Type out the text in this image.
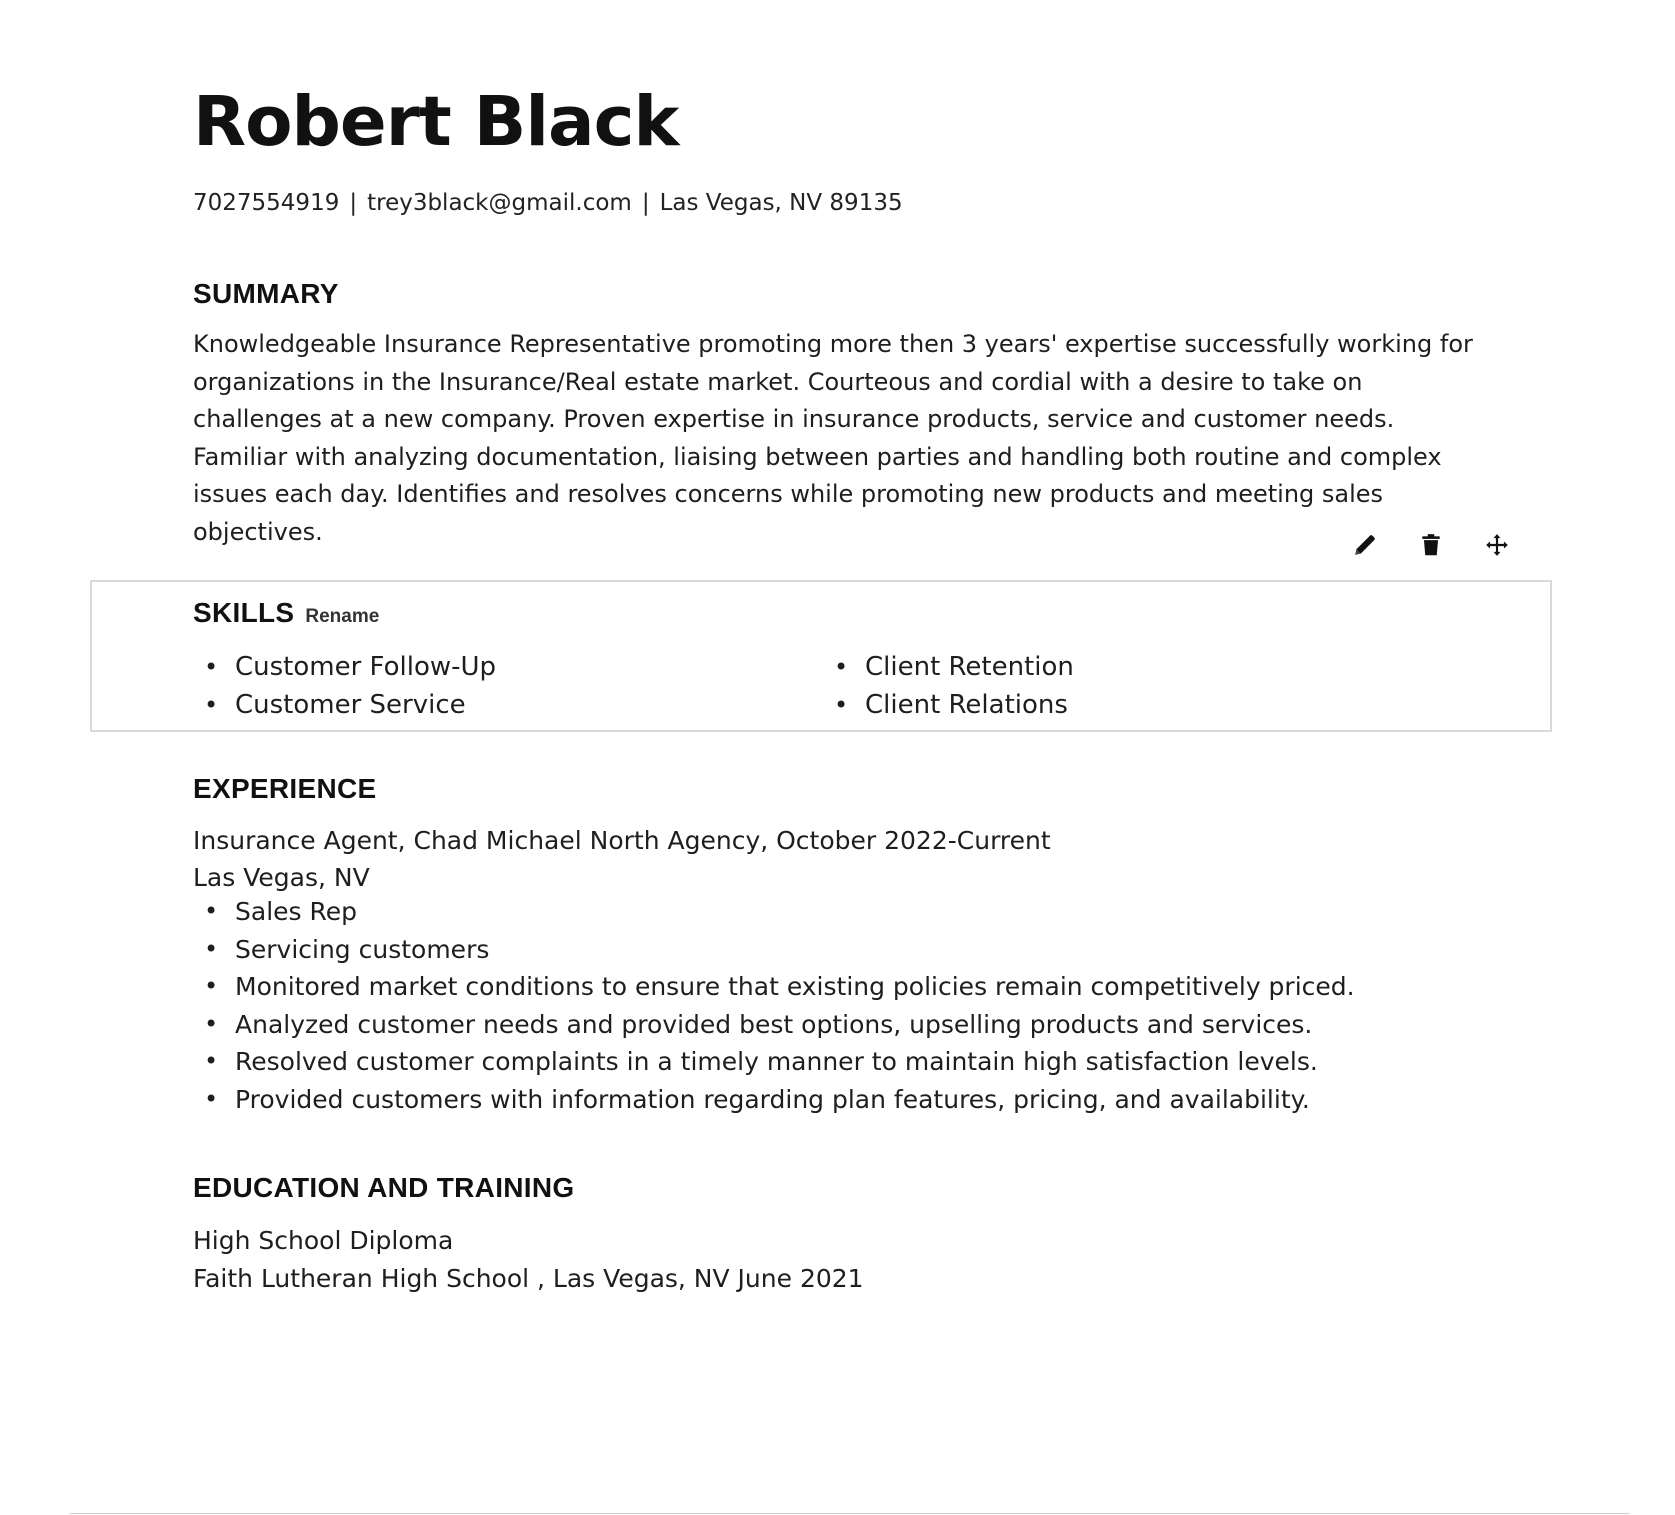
Robert Black
7027554919 | trey3black@gmail.com | Las Vegas, NV 89135
SUMMARY

Knowledgeable Insurance Representative promoting more then 3 years' expertise successfully working for organizations in the Insurance/Real estate market. Courteous and cordial with a desire to take on challenges at a new company. Proven expertise in insurance products, service and customer needs. Familiar with analyzing documentation, liaising between parties and handling both routine and complex issues each day. Identifies and resolves concerns while promoting new products and meeting sales objectives.

SKILLS Rename
• Customer Follow-Up
• Customer Service
• Client Retention
• Client Relations
EXPERIENCE

Insurance Agent, Chad Michael North Agency, October 2022-Current

Las Vegas, NV

• Sales Rep
• Servicing customers
• Monitored market conditions to ensure that existing policies remain competitively priced.
• Analyzed customer needs and provided best options, upselling products and services.
• Resolved customer complaints in a timely manner to maintain high satisfaction levels.
• Provided customers with information regarding plan features, pricing, and availability.
EDUCATION AND TRAINING

High School Diploma

Faith Lutheran High School , Las Vegas, NV June 2021
